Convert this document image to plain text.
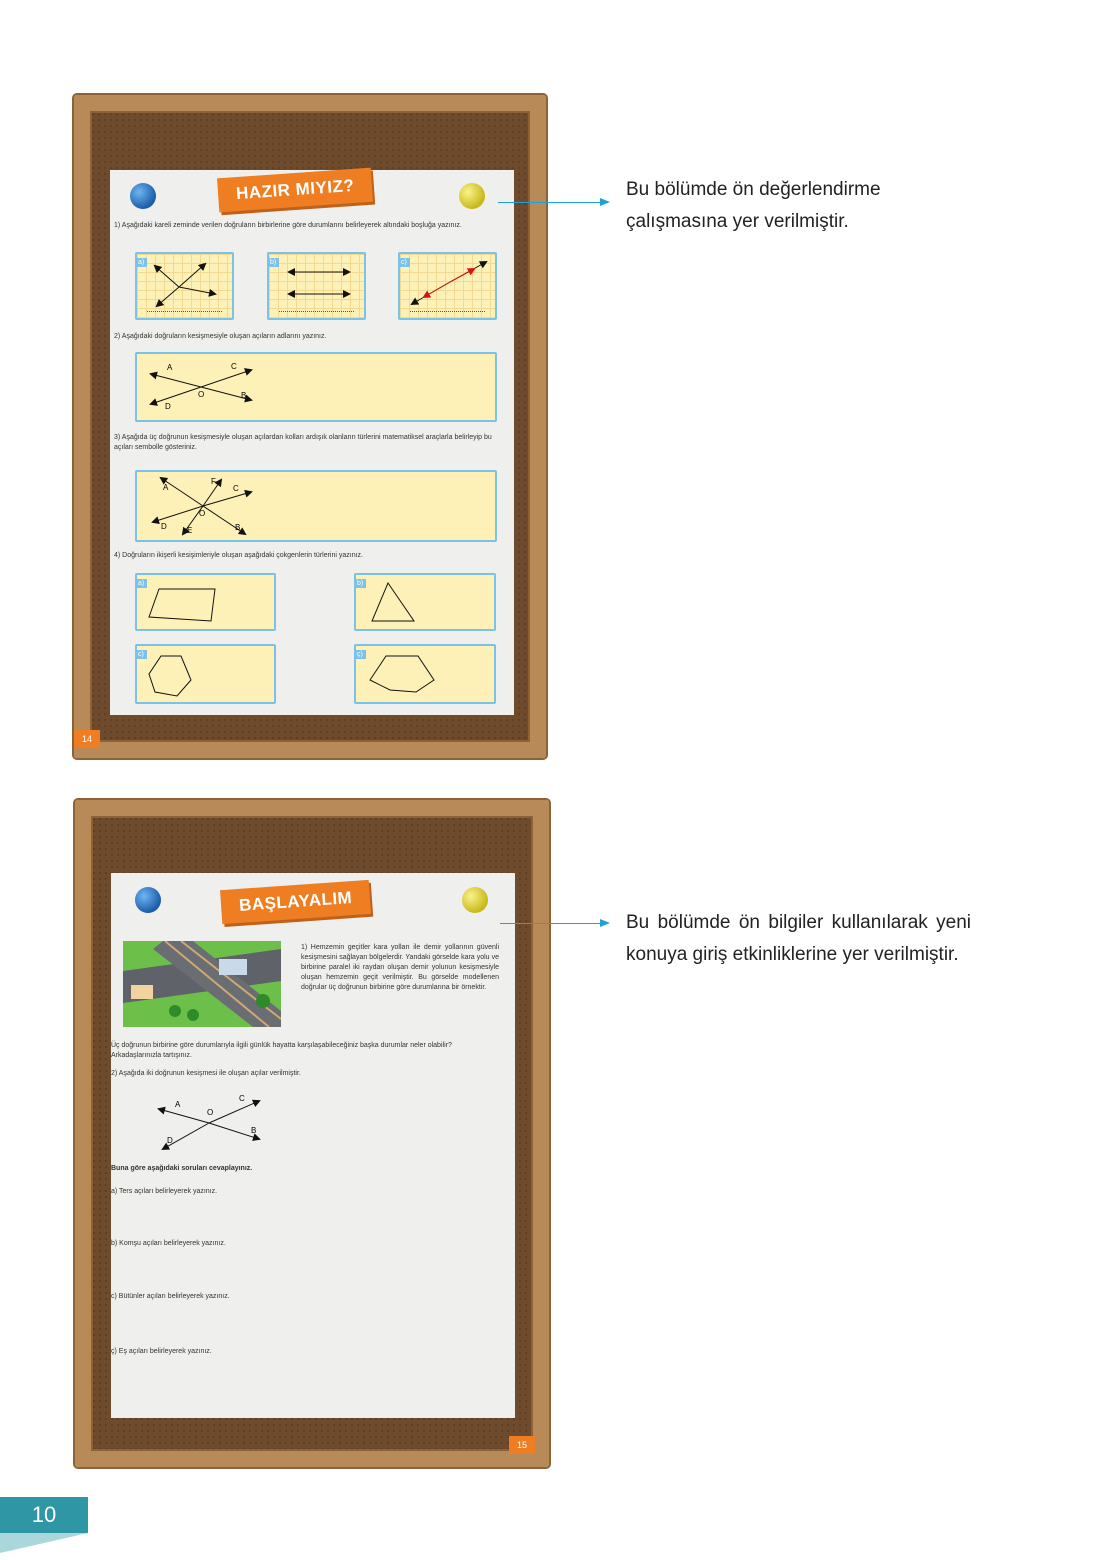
HAZIR MIYIZ?
1) Aşağıdaki kareli zeminde verilen doğruların birbirlerine göre durumlarını belirleyerek altındaki boşluğa yazınız.
a)	b)	c)
2) Aşağıdaki doğruların kesişmesiyle oluşan açıların adlarını yazınız.
A	C
O
D
B
3) Aşağıda üç doğrunun kesişmesiyle oluşan açılardan kolları ardışık olanların türlerini matematiksel araçlarla belirleyip bu açıları sembolle gösteriniz.
A
F
C
O
D	E	B
4) Doğruların ikişerli kesişimleriyle oluşan aşağıdaki çokgenlerin türlerini yazınız.
a)	b)
c)	ç)
14
Bu bölümde ön değerlendirme çalışmasına yer verilmiştir.
BAŞLAYALIM
1) Hemzemin geçitler kara yolları ile demir yollarının güvenli kesişmesini sağlayan bölgelerdir. Yandaki görselde kara yolu ve birbirine paralel iki raydan oluşan demir yolunun kesişmesiyle oluşan hemzemin geçit verilmiştir. Bu görselde modellenen doğrular üç doğrunun birbirine göre durumlarına bir örnektir.
Üç doğrunun birbirine göre durumlarıyla ilgili günlük hayatta karşılaşabileceğiniz başka durumlar neler olabilir? Arkadaşlarınızla tartışınız.
2) Aşağıda iki doğrunun kesişmesi ile oluşan açılar verilmiştir.
A
C
O
D
B
Buna göre aşağıdaki soruları cevaplayınız.
a) Ters açıları belirleyerek yazınız.
b) Komşu açıları belirleyerek yazınız.
c) Bütünler açıları belirleyerek yazınız.
ç) Eş açıları belirleyerek yazınız.
15
Bu bölümde ön bilgiler kullanılarak yeni konuya giriş etkinliklerine yer verilmiştir.
10
